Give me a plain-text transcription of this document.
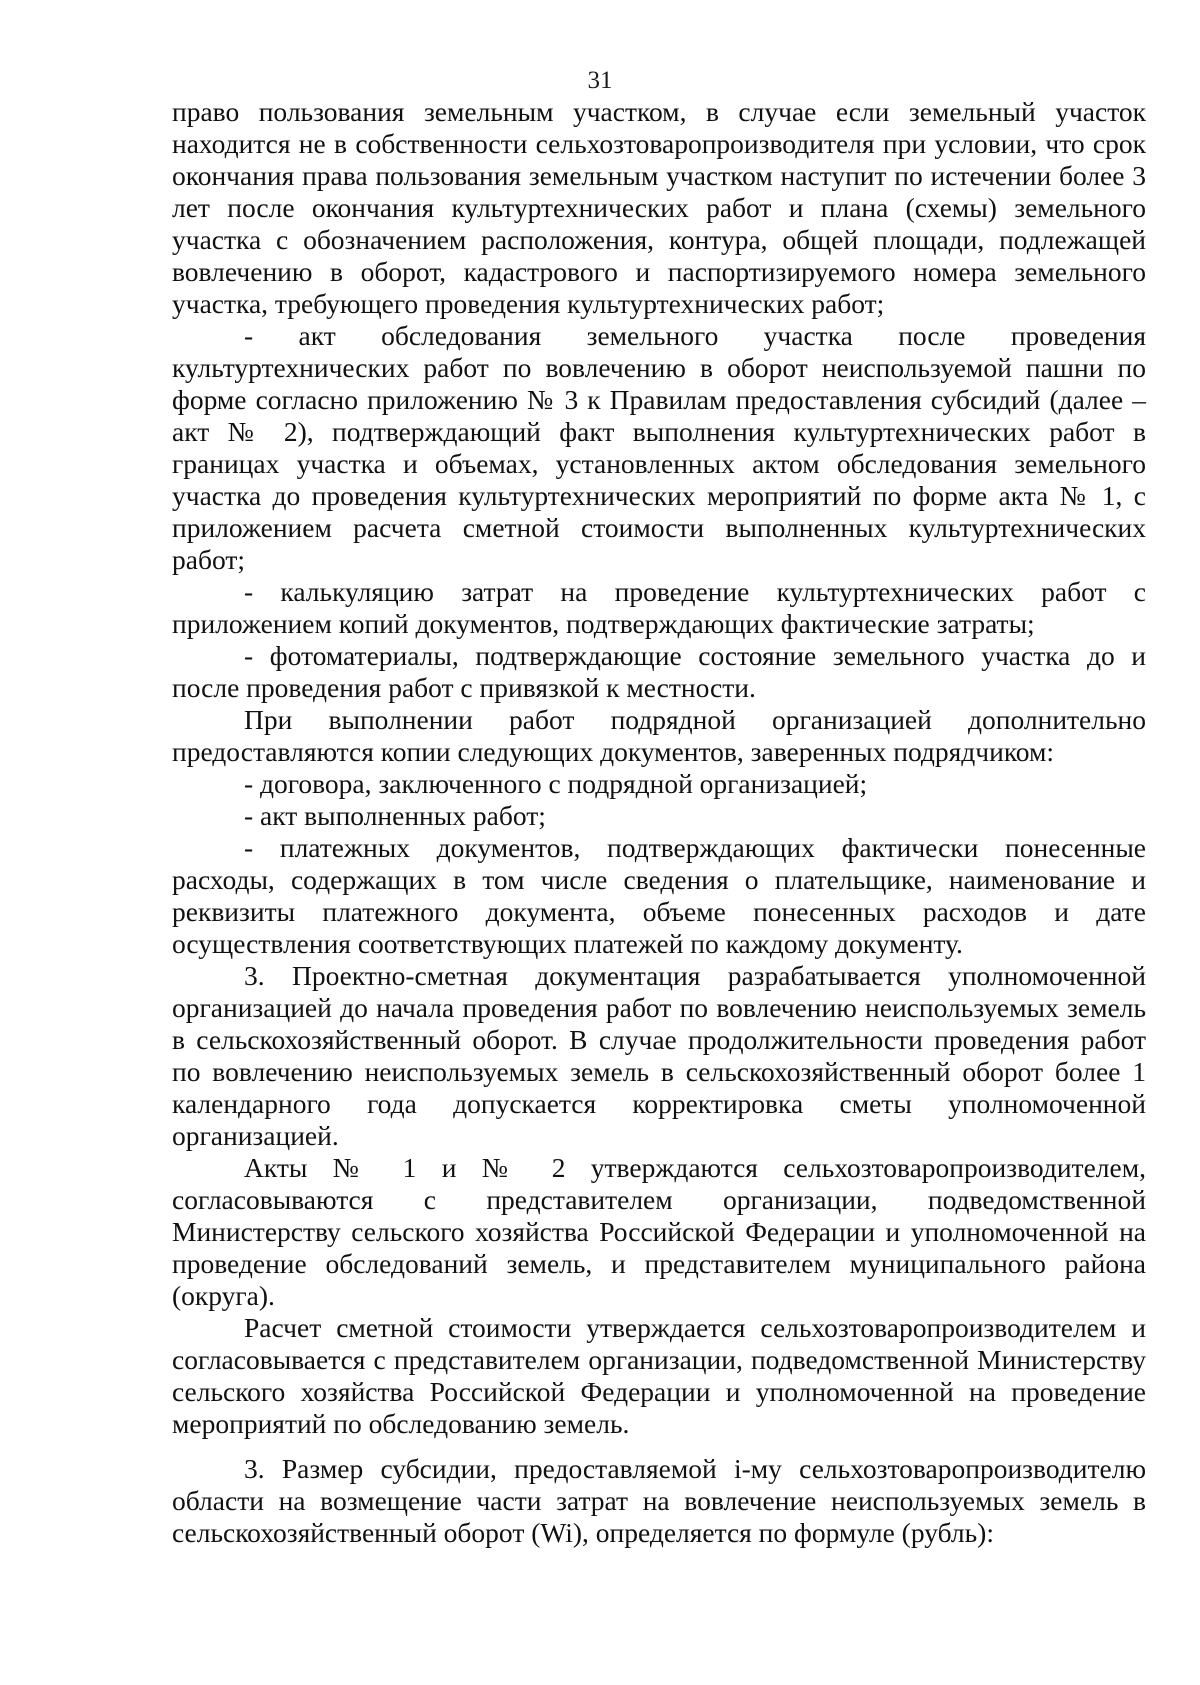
31

право пользования земельным участком, в случае если земельный участок находится не в собственности сельхозтоваропроизводителя при условии, что срок окончания права пользования земельным участком наступит по истечении более 3 лет после окончания культуртехнических работ и плана (схемы) земельного участка с обозначением расположения, контура, общей площади, подлежащей вовлечению в оборот, кадастрового и паспортизируемого номера земельного участка, требующего проведения культуртехнических работ;

- акт обследования земельного участка после проведения культуртехнических работ по вовлечению в оборот неиспользуемой пашни по форме согласно приложению № 3 к Правилам предоставления субсидий (далее – акт № 2), подтверждающий факт выполнения культуртехнических работ в границах участка и объемах, установленных актом обследования земельного участка до проведения культуртехнических мероприятий по форме акта № 1, с приложением расчета сметной стоимости выполненных культуртехнических работ;

- калькуляцию затрат на проведение культуртехнических работ с приложением копий документов, подтверждающих фактические затраты;

- фотоматериалы, подтверждающие состояние земельного участка до и после проведения работ с привязкой к местности.

При выполнении работ подрядной организацией дополнительно предоставляются копии следующих документов, заверенных подрядчиком:

- договора, заключенного с подрядной организацией;

- акт выполненных работ;

- платежных документов, подтверждающих фактически понесенные расходы, содержащих в том числе сведения о плательщике, наименование и реквизиты платежного документа, объеме понесенных расходов и дате осуществления соответствующих платежей по каждому документу.

3. Проектно-сметная документация разрабатывается уполномоченной организацией до начала проведения работ по вовлечению неиспользуемых земель в сельскохозяйственный оборот. В случае продолжительности проведения работ по вовлечению неиспользуемых земель в сельскохозяйственный оборот более 1 календарного года допускается корректировка сметы уполномоченной организацией.

Акты № 1 и № 2 утверждаются сельхозтоваропроизводителем, согласовываются с представителем организации, подведомственной Министерству сельского хозяйства Российской Федерации и уполномоченной на проведение обследований земель, и представителем муниципального района (округа).

Расчет сметной стоимости утверждается сельхозтоваропроизводителем и согласовывается с представителем организации, подведомственной Министерству сельского хозяйства Российской Федерации и уполномоченной на проведение мероприятий по обследованию земель.

3. Размер субсидии, предоставляемой i-му сельхозтоваропроизводителю области на возмещение части затрат на вовлечение неиспользуемых земель в сельскохозяйственный оборот (Wi), определяется по формуле (рубль):
